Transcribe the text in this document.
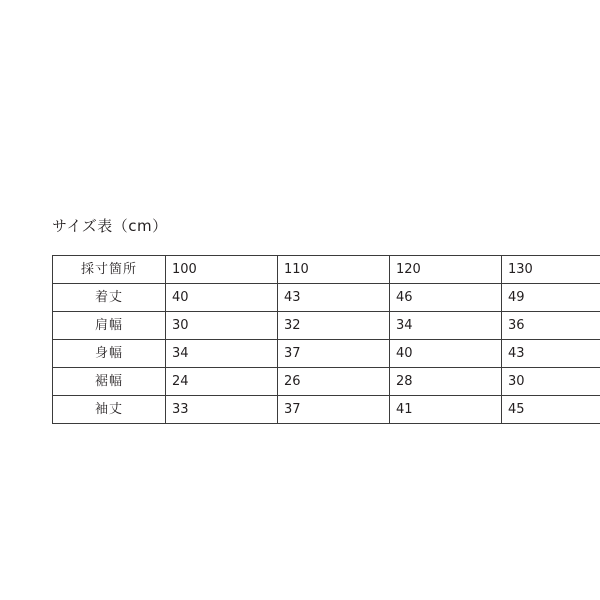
サイズ表（cm）
採寸箇所	100	110	120	130
着丈	40	43	46	49
肩幅	30	32	34	36
身幅	34	37	40	43
裾幅	24	26	28	30
袖丈	33	37	41	45
